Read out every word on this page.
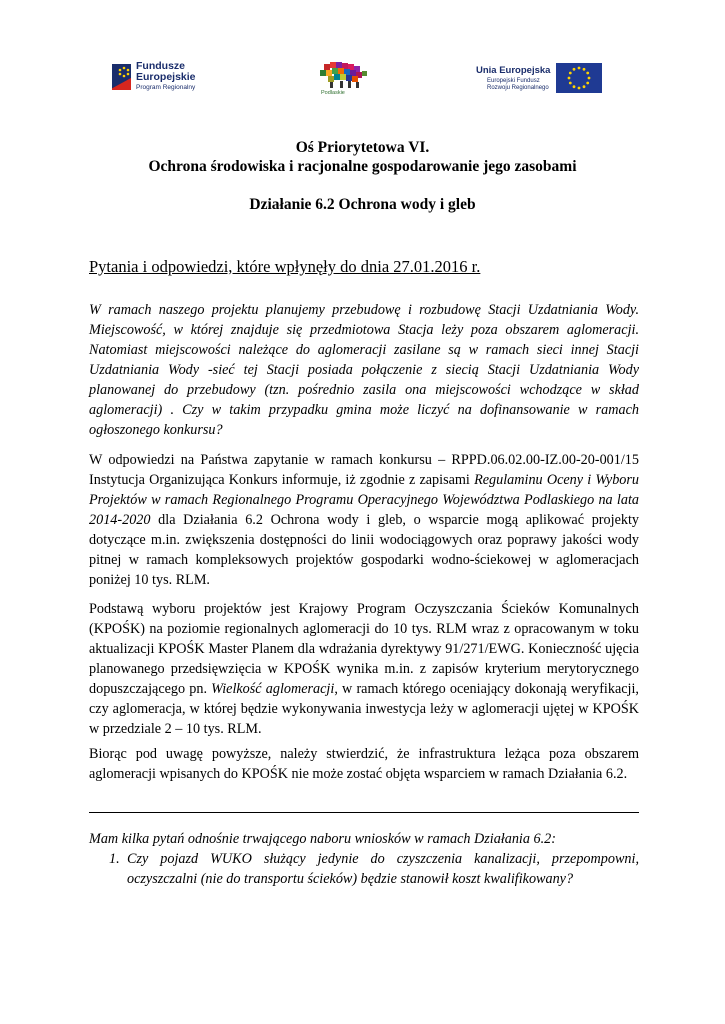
Fundusze
Europejskie
Program Regionalny
Podlaskie
Unia Europejska
Europejski Fundusz
Rozwoju Regionalnego
Oś Priorytetowa VI.
Ochrona środowiska i racjonalne gospodarowanie jego zasobami
Działanie 6.2 Ochrona wody i gleb
Pytania i odpowiedzi, które wpłynęły do dnia 27.01.2016 r.

W ramach naszego projektu planujemy przebudowę i rozbudowę Stacji Uzdatniania Wody. Miejscowość, w której znajduje się przedmiotowa Stacja leży poza obszarem aglomeracji. Natomiast miejscowości należące do aglomeracji zasilane są w ramach sieci innej Stacji Uzdatniania Wody -sieć tej Stacji posiada połączenie z siecią Stacji Uzdatniania Wody planowanej do przebudowy (tzn. pośrednio zasila ona miejscowości wchodzące w skład aglomeracji) . Czy w takim przypadku gmina może liczyć na dofinansowanie w ramach ogłoszonego konkursu?

W odpowiedzi na Państwa zapytanie w ramach konkursu – RPPD.06.02.00-IZ.00-20-001/15 Instytucja Organizująca Konkurs informuje, iż zgodnie z zapisami Regulaminu Oceny i Wyboru Projektów w ramach Regionalnego Programu Operacyjnego Województwa Podlaskiego na lata 2014-2020 dla Działania 6.2 Ochrona wody i gleb, o wsparcie mogą aplikować projekty dotyczące m.in. zwiększenia dostępności do linii wodociągowych oraz poprawy jakości wody pitnej w ramach kompleksowych projektów gospodarki wodno-ściekowej w aglomeracjach poniżej 10 tys. RLM.

Podstawą wyboru projektów jest Krajowy Program Oczyszczania Ścieków Komunalnych (KPOŚK) na poziomie regionalnych aglomeracji do 10 tys. RLM wraz z opracowanym w toku aktualizacji KPOŚK Master Planem dla wdrażania dyrektywy 91/271/EWG. Konieczność ujęcia planowanego przedsięwzięcia w KPOŚK wynika m.in. z zapisów kryterium merytorycznego dopuszczającego pn. Wielkość aglomeracji, w ramach którego oceniający dokonają weryfikacji, czy aglomeracja, w której będzie wykonywania inwestycja leży w aglomeracji ujętej w KPOŚK w przedziale 2 – 10 tys. RLM.

Biorąc pod uwagę powyższe, należy stwierdzić, że infrastruktura leżąca poza obszarem aglomeracji wpisanych do KPOŚK nie może zostać objęta wsparciem w ramach Działania 6.2.

Mam kilka pytań odnośnie trwającego naboru wniosków w ramach Działania 6.2:
1. Czy pojazd WUKO służący jedynie do czyszczenia kanalizacji, przepompowni, oczyszczalni (nie do transportu ścieków) będzie stanowił koszt kwalifikowany?
